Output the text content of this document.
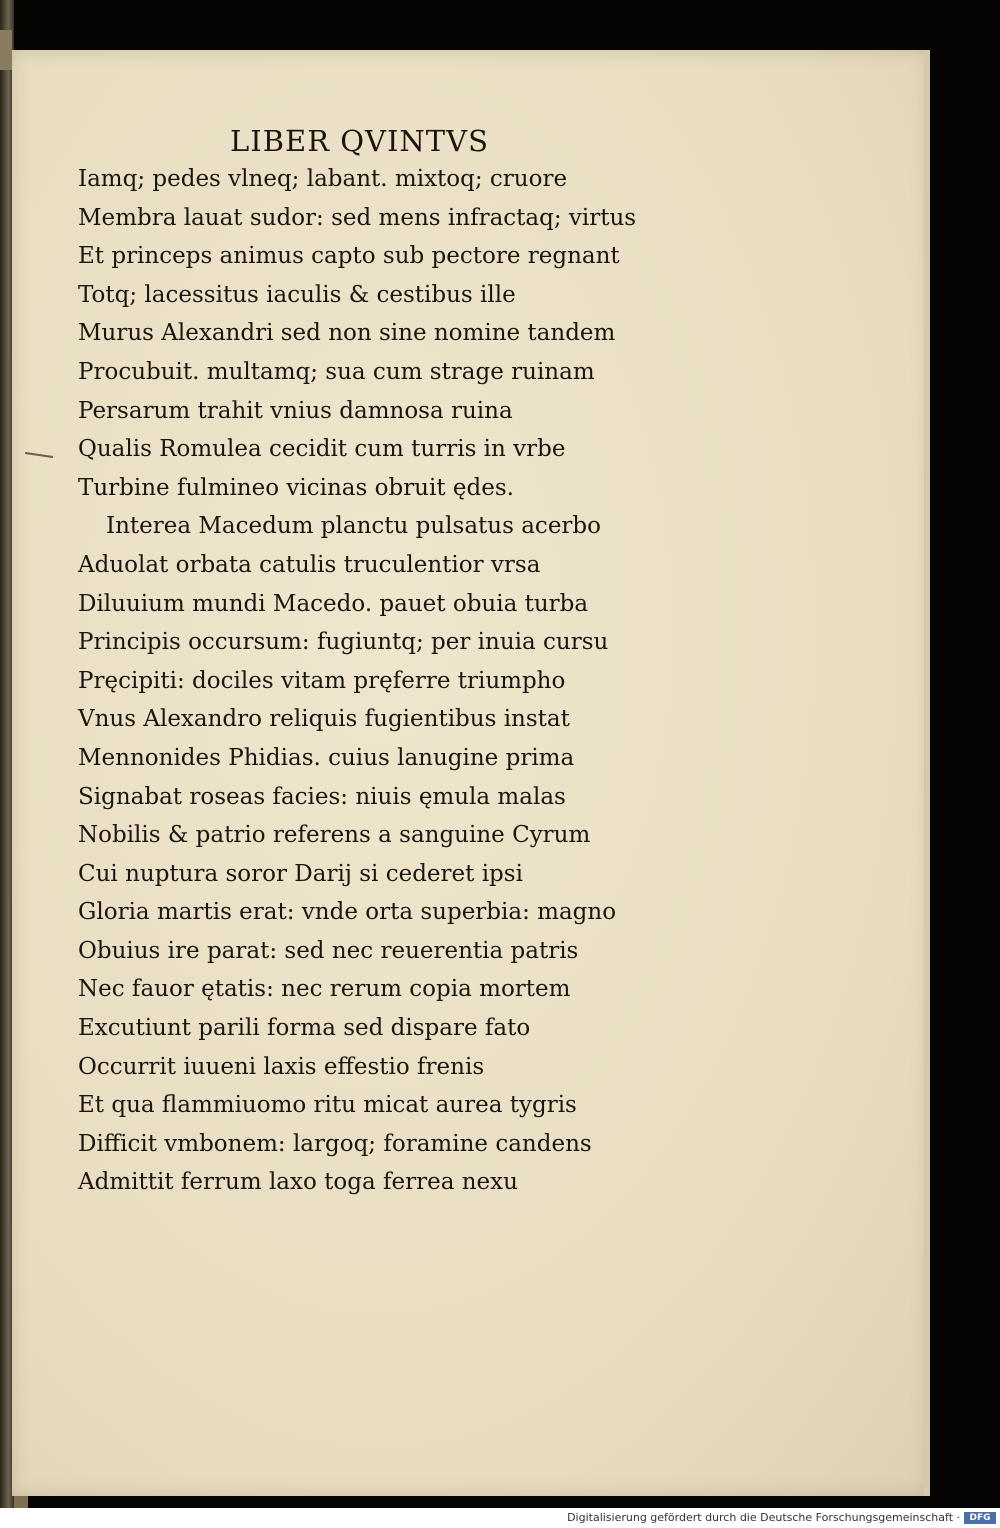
LIBER QVINTVS
Iamq; pedes vlneq; labant. mixtoq; cruore
Membra lauat sudor: sed mens infractaq; virtus
Et princeps animus capto sub pectore regnant
Totq; lacessitus iaculis & cestibus ille
Murus Alexandri sed non sine nomine tandem
Procubuit. multamq; sua cum strage ruinam
Persarum trahit vnius damnosa ruina
Qualis Romulea cecidit cum turris in vrbe
Turbine fulmineo vicinas obruit ędes.
Interea Macedum planctu pulsatus acerbo
Aduolat orbata catulis truculentior vrsa
Diluuium mundi Macedo. pauet obuia turba
Principis occursum: fugiuntq; per inuia cursu
Pręcipiti: dociles vitam pręferre triumpho
Vnus Alexandro reliquis fugientibus instat
Mennonides Phidias. cuius lanugine prima
Signabat roseas facies: niuis ęmula malas
Nobilis & patrio referens a sanguine Cyrum
Cui nuptura soror Darij si cederet ipsi
Gloria martis erat: vnde orta superbia: magno
Obuius ire parat: sed nec reuerentia patris
Nec fauor ętatis: nec rerum copia mortem
Excutiunt parili forma sed dispare fato
Occurrit iuueni laxis effestio frenis
Et qua flammiuomo ritu micat aurea tygris
Difficit vmbonem: largoq; foramine candens
Admittit ferrum laxo toga ferrea nexu
Digitalisierung gefördert durch die Deutsche Forschungsgemeinschaft ·	DFG
